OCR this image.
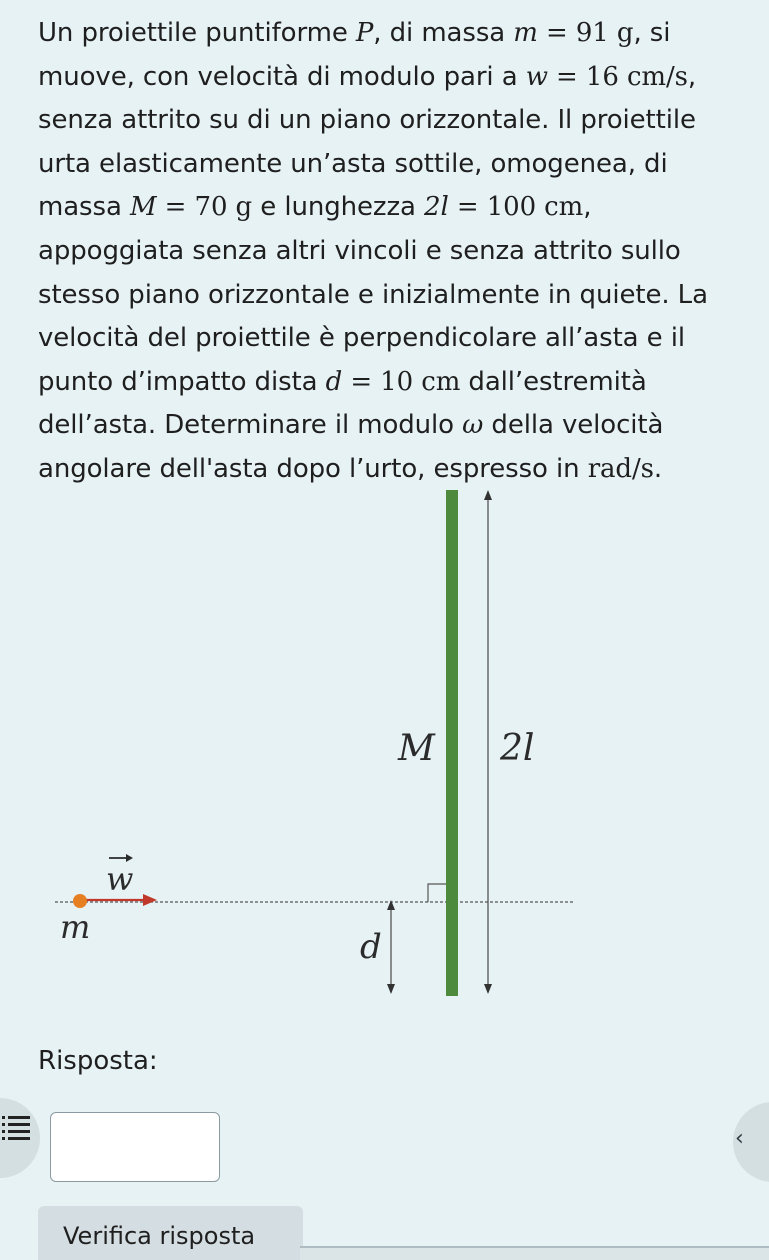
Un proiettile puntiforme P, di massa m = 91 g, si muove, con velocità di modulo pari a w = 16 cm/s, senza attrito su di un piano orizzontale. Il proiettile urta elasticamente un’asta sottile, omogenea, di massa M = 70 g e lunghezza 2l = 100 cm, appoggiata senza altri vincoli e senza attrito sullo stesso piano orizzontale e inizialmente in quiete. La velocità del proiettile è perpendicolare all’asta e il punto d’impatto dista d = 10 cm dall’estremità dell’asta. Determinare il modulo ω della velocità angolare dell'asta dopo l’urto, espresso in rad/s.

M 2l
w
m	d
Risposta:
‹
Verifica risposta
